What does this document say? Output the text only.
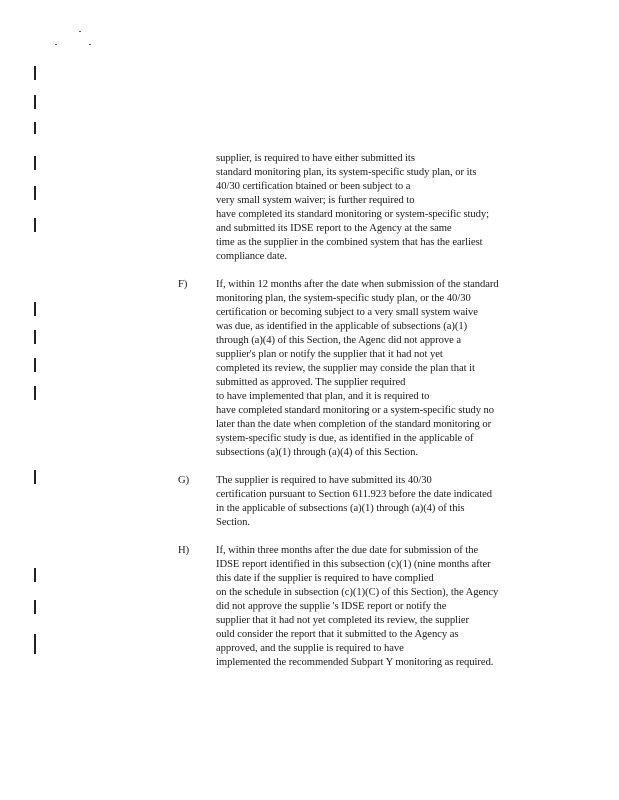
supplier, is required to have either submitted its
standard monitoring plan, its system-specific study plan, or its
40/30 certification btained or been subject to a
very small system waiver; is further required to
have completed its standard monitoring or system-specific study;
and submitted its IDSE report to the Agency at the same
time as the supplier in the combined system that has the earliest
compliance date.
F)	If, within 12 months after the date when submission of the standard
monitoring plan, the system-specific study plan, or the 40/30
certification or becoming subject to a very small system waive
was due, as identified in the applicable of subsections (a)(1)
through (a)(4) of this Section, the Agenc did not approve a
supplier's plan or notify the supplier that it had not yet
completed its review, the supplier may conside the plan that it
submitted as approved. The supplier required
to have implemented that plan, and it is required to
have completed standard monitoring or a system-specific study no
later than the date when completion of the standard monitoring or
system-specific study is due, as identified in the applicable of
subsections (a)(1) through (a)(4) of this Section.
G)	The supplier is required to have submitted its 40/30
certification pursuant to Section 611.923 before the date indicated
in the applicable of subsections (a)(1) through (a)(4) of this
Section.
H)	If, within three months after the due date for submission of the
IDSE report identified in this subsection (c)(1) (nine months after
this date if the supplier is required to have complied
on the schedule in subsection (c)(1)(C) of this Section), the Agency
did not approve the supplie 's IDSE report or notify the
supplier that it had not yet completed its review, the supplier
ould consider the report that it submitted to the Agency as
approved, and the supplie is required to have
implemented the recommended Subpart Y monitoring as required.
